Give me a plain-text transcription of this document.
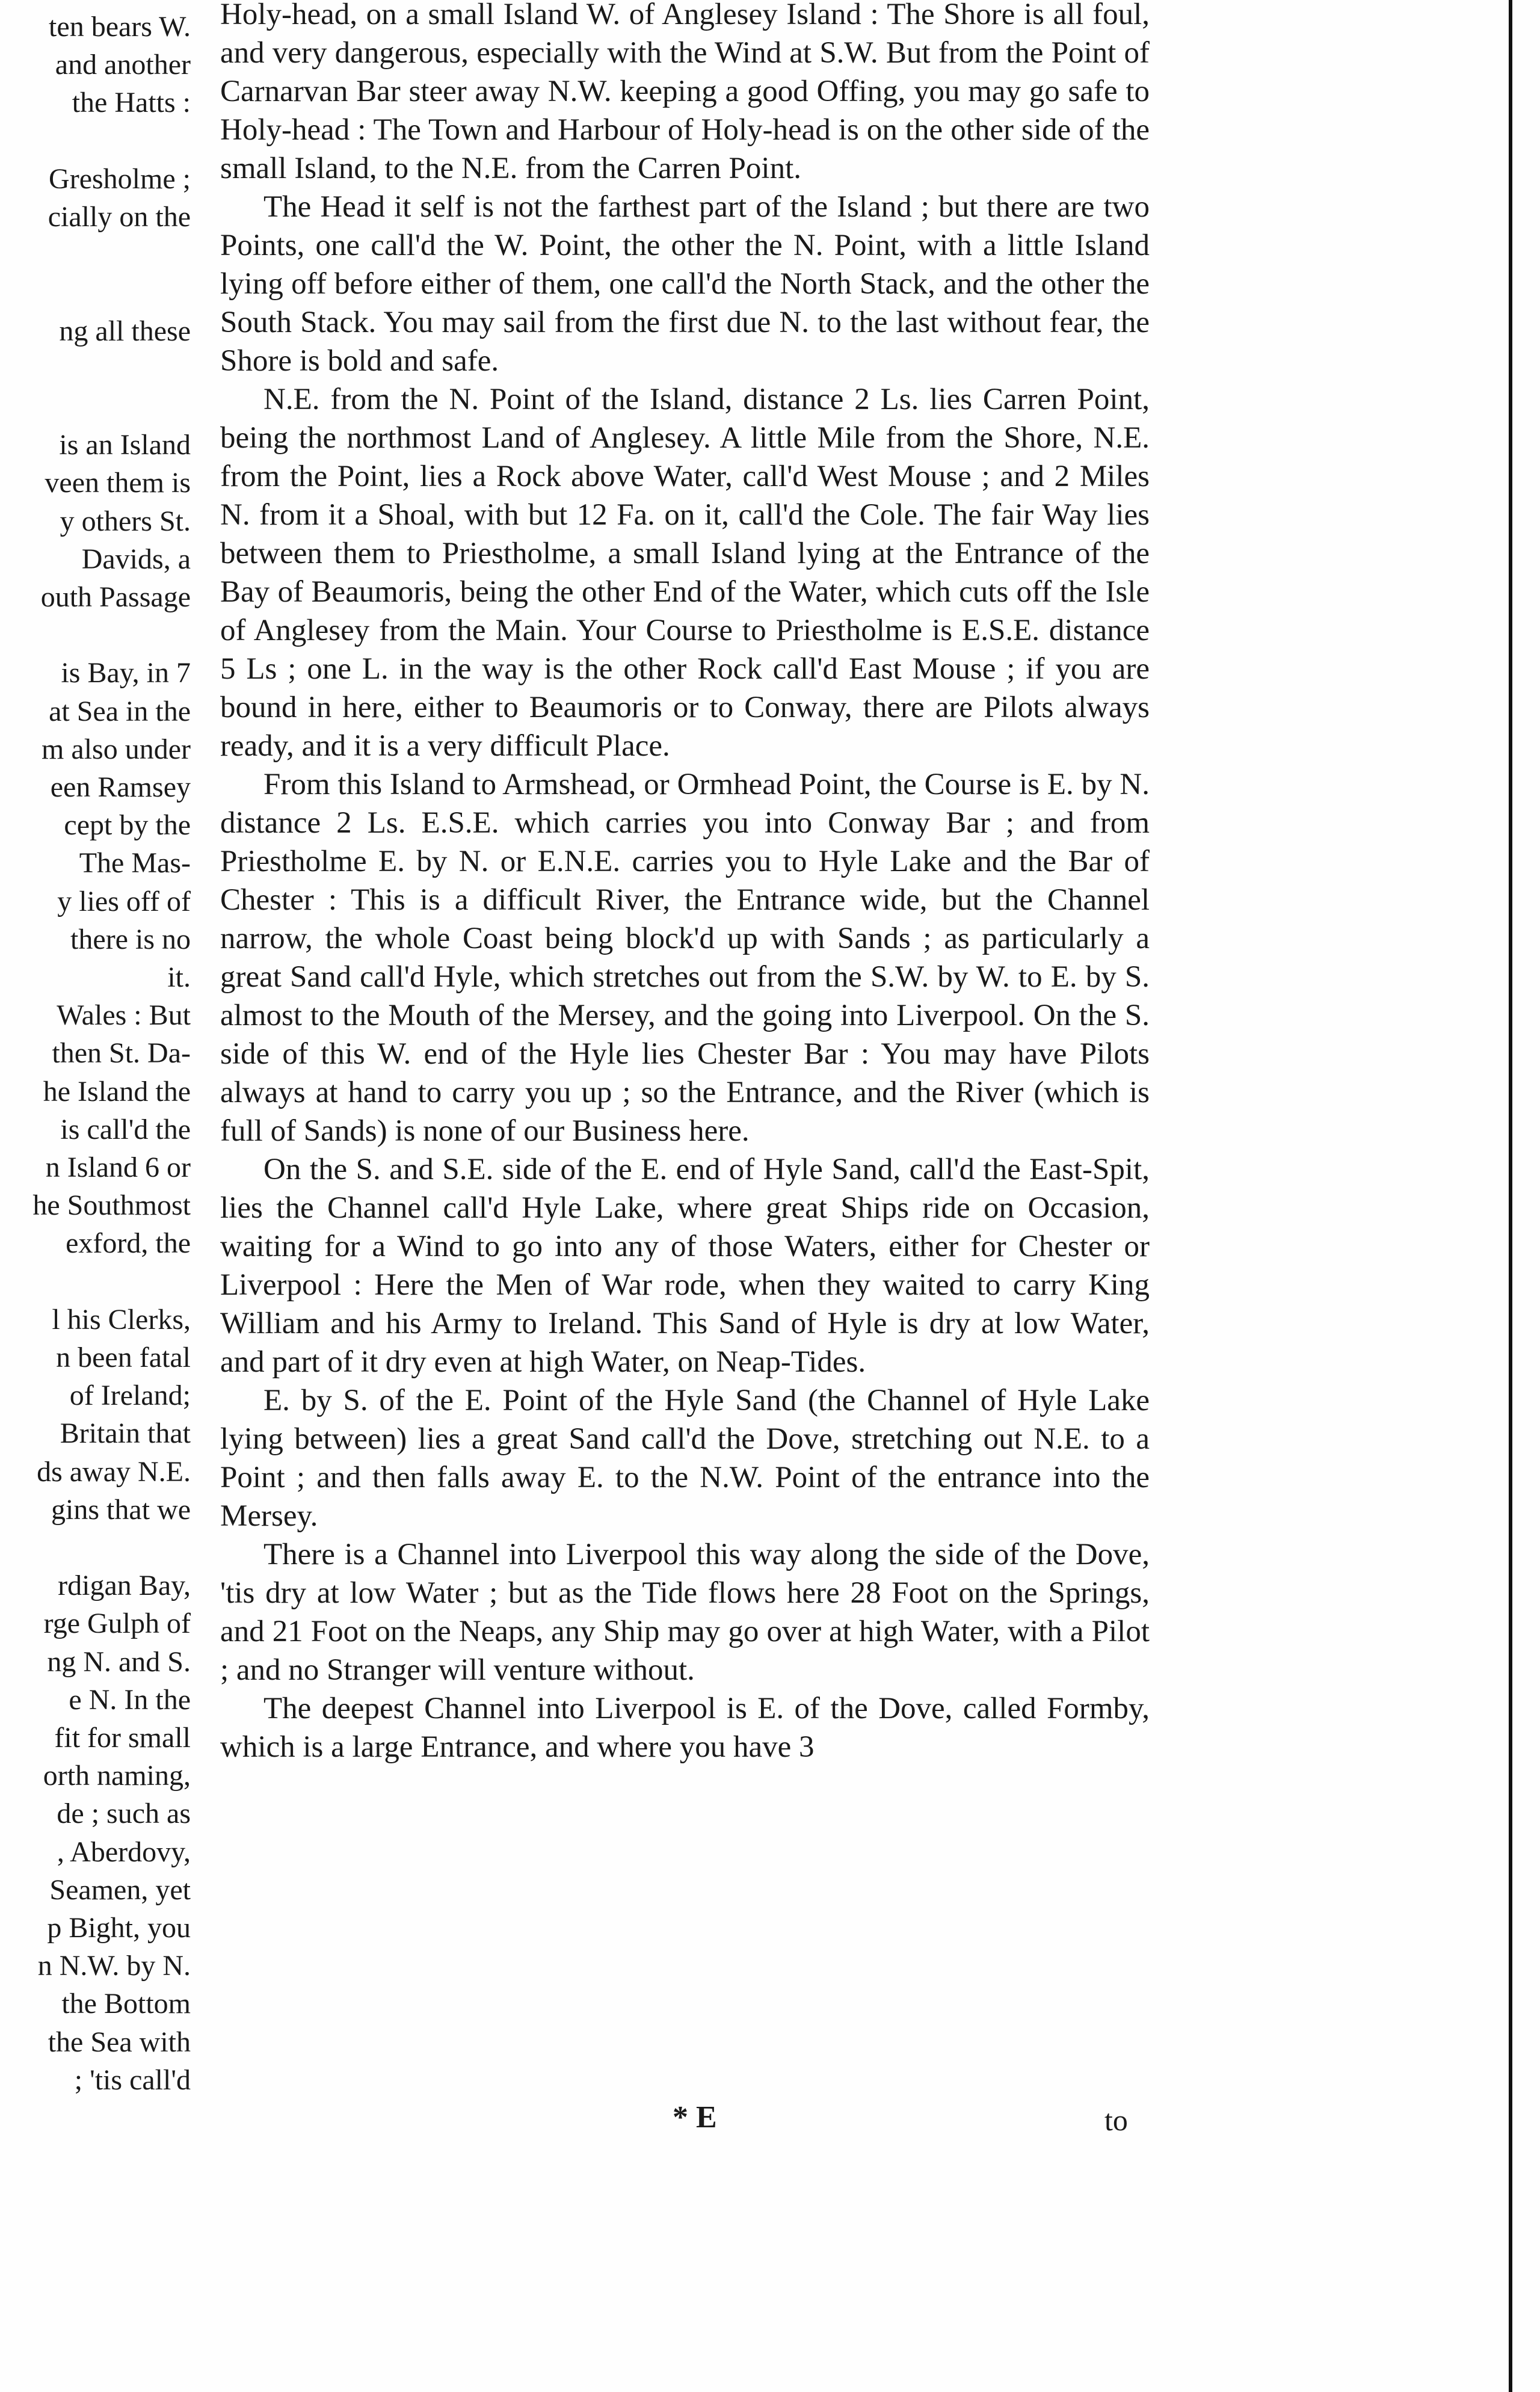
ten bears W.
and another
the Hatts :
Gresholme ;
cially on the
ng all these
is an Island
veen them is
y others St.
Davids, a
outh Passage
is Bay, in 7
at Sea in the
m also under
een Ramsey
cept by the
The Mas-
y lies off of
there is no
it.
Wales : But
then St. Da-
he Island the
is call'd the
n Island 6 or
he Southmost
exford, the
l his Clerks,
n been fatal
of Ireland;
Britain that
ds away N.E.
gins that we
rdigan Bay,
rge Gulph of
ng N. and S.
e N. In the
fit for small
orth naming,
de ; such as
, Aberdovy,
Seamen, yet
p Bight, you
n N.W. by N.
the Bottom
the Sea with
; 'tis call'd

Holy-head, on a small Island W. of Anglesey Island : The Shore is all foul, and very dangerous, especially with the Wind at S.W. But from the Point of Carnarvan Bar steer away N.W. keeping a good Offing, you may go safe to Holy-head : The Town and Harbour of Holy-head is on the other side of the small Island, to the N.E. from the Carren Point.

The Head it self is not the farthest part of the Island ; but there are two Points, one call'd the W. Point, the other the N. Point, with a little Island lying off before either of them, one call'd the North Stack, and the other the South Stack. You may sail from the first due N. to the last without fear, the Shore is bold and safe.

N.E. from the N. Point of the Island, distance 2 Ls. lies Carren Point, being the northmost Land of Anglesey. A little Mile from the Shore, N.E. from the Point, lies a Rock above Water, call'd West Mouse ; and 2 Miles N. from it a Shoal, with but 12 Fa. on it, call'd the Cole. The fair Way lies between them to Priestholme, a small Island lying at the Entrance of the Bay of Beaumoris, being the other End of the Water, which cuts off the Isle of Anglesey from the Main. Your Course to Priestholme is E.S.E. distance 5 Ls ; one L. in the way is the other Rock call'd East Mouse ; if you are bound in here, either to Beaumoris or to Conway, there are Pilots always ready, and it is a very difficult Place.

From this Island to Armshead, or Ormhead Point, the Course is E. by N. distance 2 Ls. E.S.E. which carries you into Conway Bar ; and from Priestholme E. by N. or E.N.E. carries you to Hyle Lake and the Bar of Chester : This is a difficult River, the Entrance wide, but the Channel narrow, the whole Coast being block'd up with Sands ; as particularly a great Sand call'd Hyle, which stretches out from the S.W. by W. to E. by S. almost to the Mouth of the Mersey, and the going into Liverpool. On the S. side of this W. end of the Hyle lies Chester Bar : You may have Pilots always at hand to carry you up ; so the Entrance, and the River (which is full of Sands) is none of our Business here.

On the S. and S.E. side of the E. end of Hyle Sand, call'd the East-Spit, lies the Channel call'd Hyle Lake, where great Ships ride on Occasion, waiting for a Wind to go into any of those Waters, either for Chester or Liverpool : Here the Men of War rode, when they waited to carry King William and his Army to Ireland. This Sand of Hyle is dry at low Water, and part of it dry even at high Water, on Neap-Tides.

E. by S. of the E. Point of the Hyle Sand (the Channel of Hyle Lake lying between) lies a great Sand call'd the Dove, stretching out N.E. to a Point ; and then falls away E. to the N.W. Point of the entrance into the Mersey.

There is a Channel into Liverpool this way along the side of the Dove, 'tis dry at low Water ; but as the Tide flows here 28 Foot on the Springs, and 21 Foot on the Neaps, any Ship may go over at high Water, with a Pilot ; and no Stranger will venture without.

The deepest Channel into Liverpool is E. of the Dove, called Formby, which is a large Entrance, and where you have 3

* E	to
